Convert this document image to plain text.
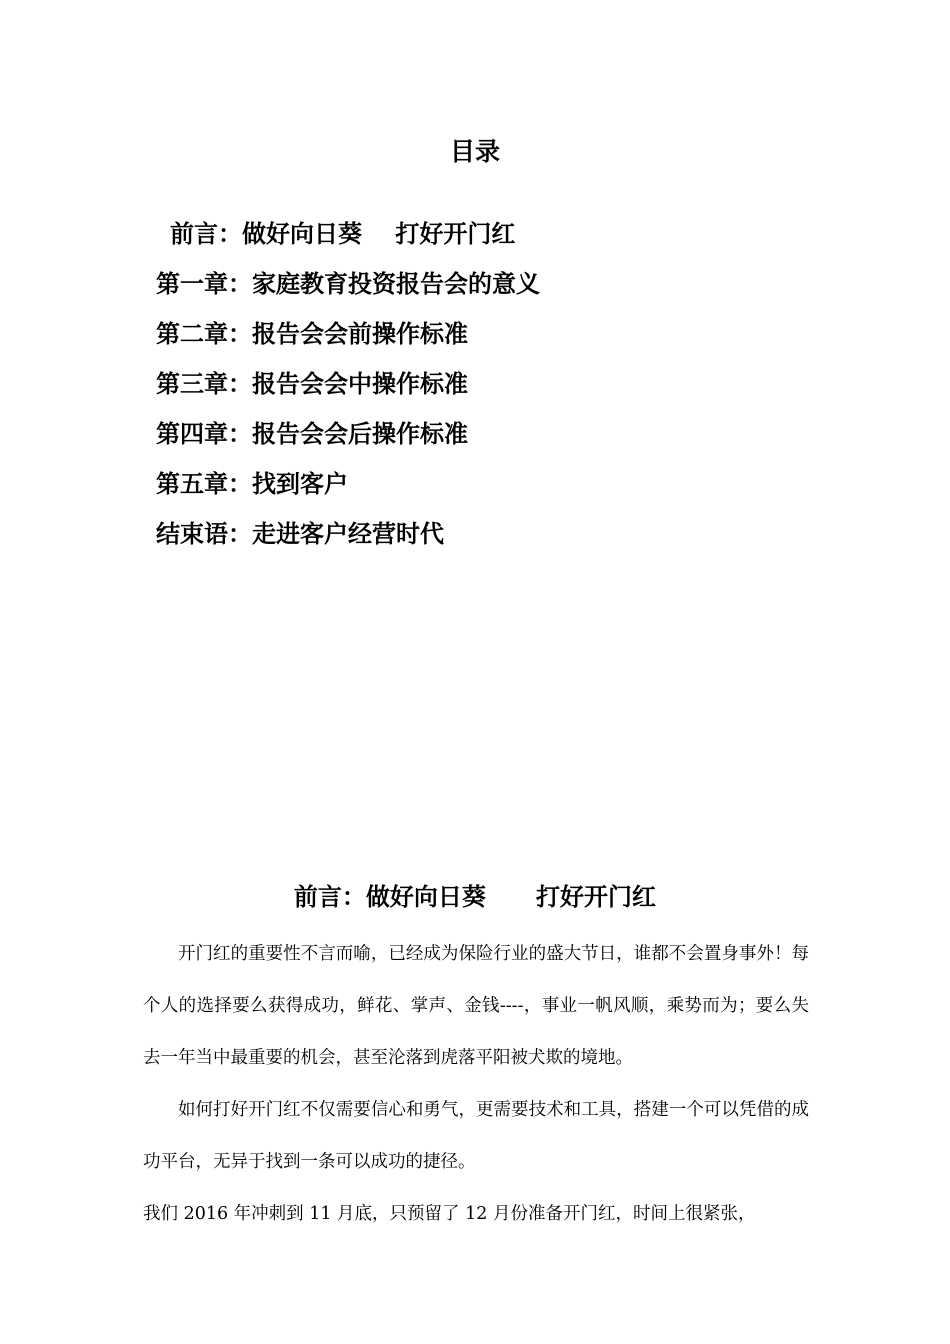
目录
前言：做好向日葵    打好开门红
第一章：家庭教育投资报告会的意义
第二章：报告会会前操作标准
第三章：报告会会中操作标准
第四章：报告会会后操作标准
第五章：找到客户
结束语：走进客户经营时代
前言：做好向日葵      打好开门红

开门红的重要性不言而喻，已经成为保险行业的盛大节日，谁都不会置身事外！每个人的选择要么获得成功，鲜花、掌声、金钱----，事业一帆风顺，乘势而为；要么失去一年当中最重要的机会，甚至沦落到虎落平阳被犬欺的境地。

如何打好开门红不仅需要信心和勇气，更需要技术和工具，搭建一个可以凭借的成功平台，无异于找到一条可以成功的捷径。

我们 2016 年冲刺到 11 月底，只预留了 12 月份准备开门红，时间上很紧张，
